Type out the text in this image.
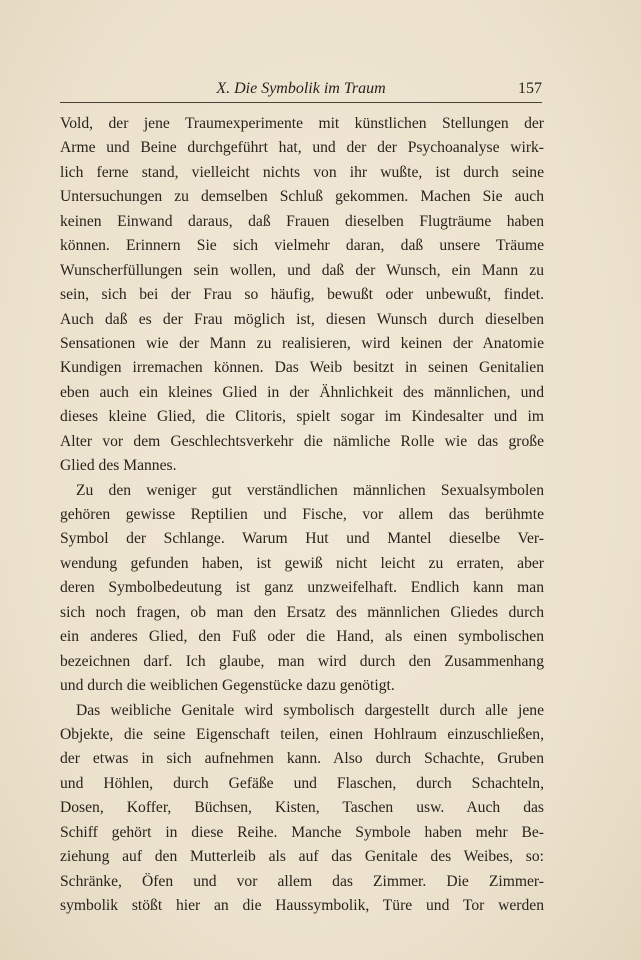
X. Die Symbolik im Traum	157
Vold, der jene Traumexperimente mit künstlichen Stellungen der
Arme und Beine durchgeführt hat, und der der Psychoanalyse wirk-
lich ferne stand, vielleicht nichts von ihr wußte, ist durch seine
Untersuchungen zu demselben Schluß gekommen. Machen Sie auch
keinen Einwand daraus, daß Frauen dieselben Flugträume haben
können. Erinnern Sie sich vielmehr daran, daß unsere Träume
Wunscherfüllungen sein wollen, und daß der Wunsch, ein Mann zu
sein, sich bei der Frau so häufig, bewußt oder unbewußt, findet.
Auch daß es der Frau möglich ist, diesen Wunsch durch dieselben
Sensationen wie der Mann zu realisieren, wird keinen der Anatomie
Kundigen irremachen können. Das Weib besitzt in seinen Genitalien
eben auch ein kleines Glied in der Ähnlichkeit des männlichen, und
dieses kleine Glied, die Clitoris, spielt sogar im Kindesalter und im
Alter vor dem Geschlechtsverkehr die nämliche Rolle wie das große
Glied des Mannes.
Zu den weniger gut verständlichen männlichen Sexualsymbolen
gehören gewisse Reptilien und Fische, vor allem das berühmte
Symbol der Schlange. Warum Hut und Mantel dieselbe Ver-
wendung gefunden haben, ist gewiß nicht leicht zu erraten, aber
deren Symbolbedeutung ist ganz unzweifelhaft. Endlich kann man
sich noch fragen, ob man den Ersatz des männlichen Gliedes durch
ein anderes Glied, den Fuß oder die Hand, als einen symbolischen
bezeichnen darf. Ich glaube, man wird durch den Zusammenhang
und durch die weiblichen Gegenstücke dazu genötigt.
Das weibliche Genitale wird symbolisch dargestellt durch alle jene
Objekte, die seine Eigenschaft teilen, einen Hohlraum einzuschließen,
der etwas in sich aufnehmen kann. Also durch Schachte, Gruben
und Höhlen, durch Gefäße und Flaschen, durch Schachteln,
Dosen, Koffer, Büchsen, Kisten, Taschen usw. Auch das
Schiff gehört in diese Reihe. Manche Symbole haben mehr Be-
ziehung auf den Mutterleib als auf das Genitale des Weibes, so:
Schränke, Öfen und vor allem das Zimmer. Die Zimmer-
symbolik stößt hier an die Haussymbolik, Türe und Tor werden
